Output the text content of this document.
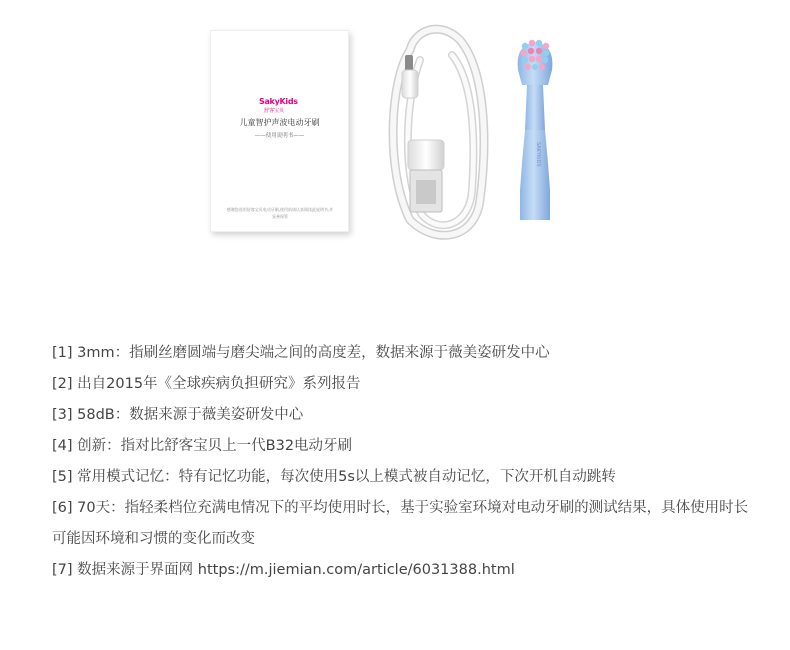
SakyKids
舒客宝贝
儿童智护声波电动牙刷
——使用说明书——
感谢您选用舒客宝贝电动牙刷,使用前请认真阅读此说明书,并妥善保管
SAKYKIDS
[1] 3mm：指刷丝磨圆端与磨尖端之间的高度差，数据来源于薇美姿研发中心
[2] 出自2015年《全球疾病负担研究》系列报告
[3] 58dB：数据来源于薇美姿研发中心
[4] 创新：指对比舒客宝贝上一代B32电动牙刷
[5] 常用模式记忆：特有记忆功能，每次使用5s以上模式被自动记忆，下次开机自动跳转
[6] 70天：指轻柔档位充满电情况下的平均使用时长，基于实验室环境对电动牙刷的测试结果，具体使用时长可能因环境和习惯的变化而改变
[7] 数据来源于界面网 https://m.jiemian.com/article/6031388.html
